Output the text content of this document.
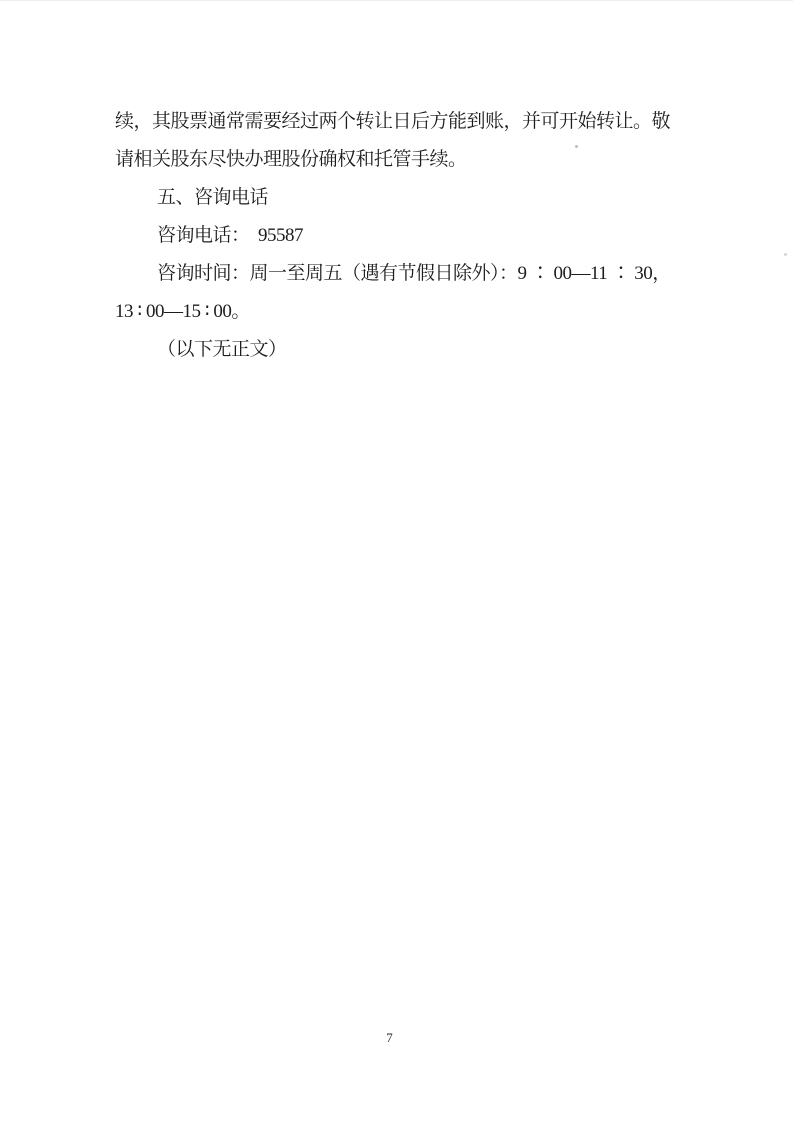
续，其股票通常需要经过两个转让日后方能到账，并可开始转让。敬
请相关股东尽快办理股份确权和托管手续。
五、咨询电话
咨询电话：  95587
咨询时间：周一至周五（遇有节假日除外）：9 ∶ 00—11 ∶ 30，
13 ∶ 00—15 ∶ 00。
（以下无正文）
7
